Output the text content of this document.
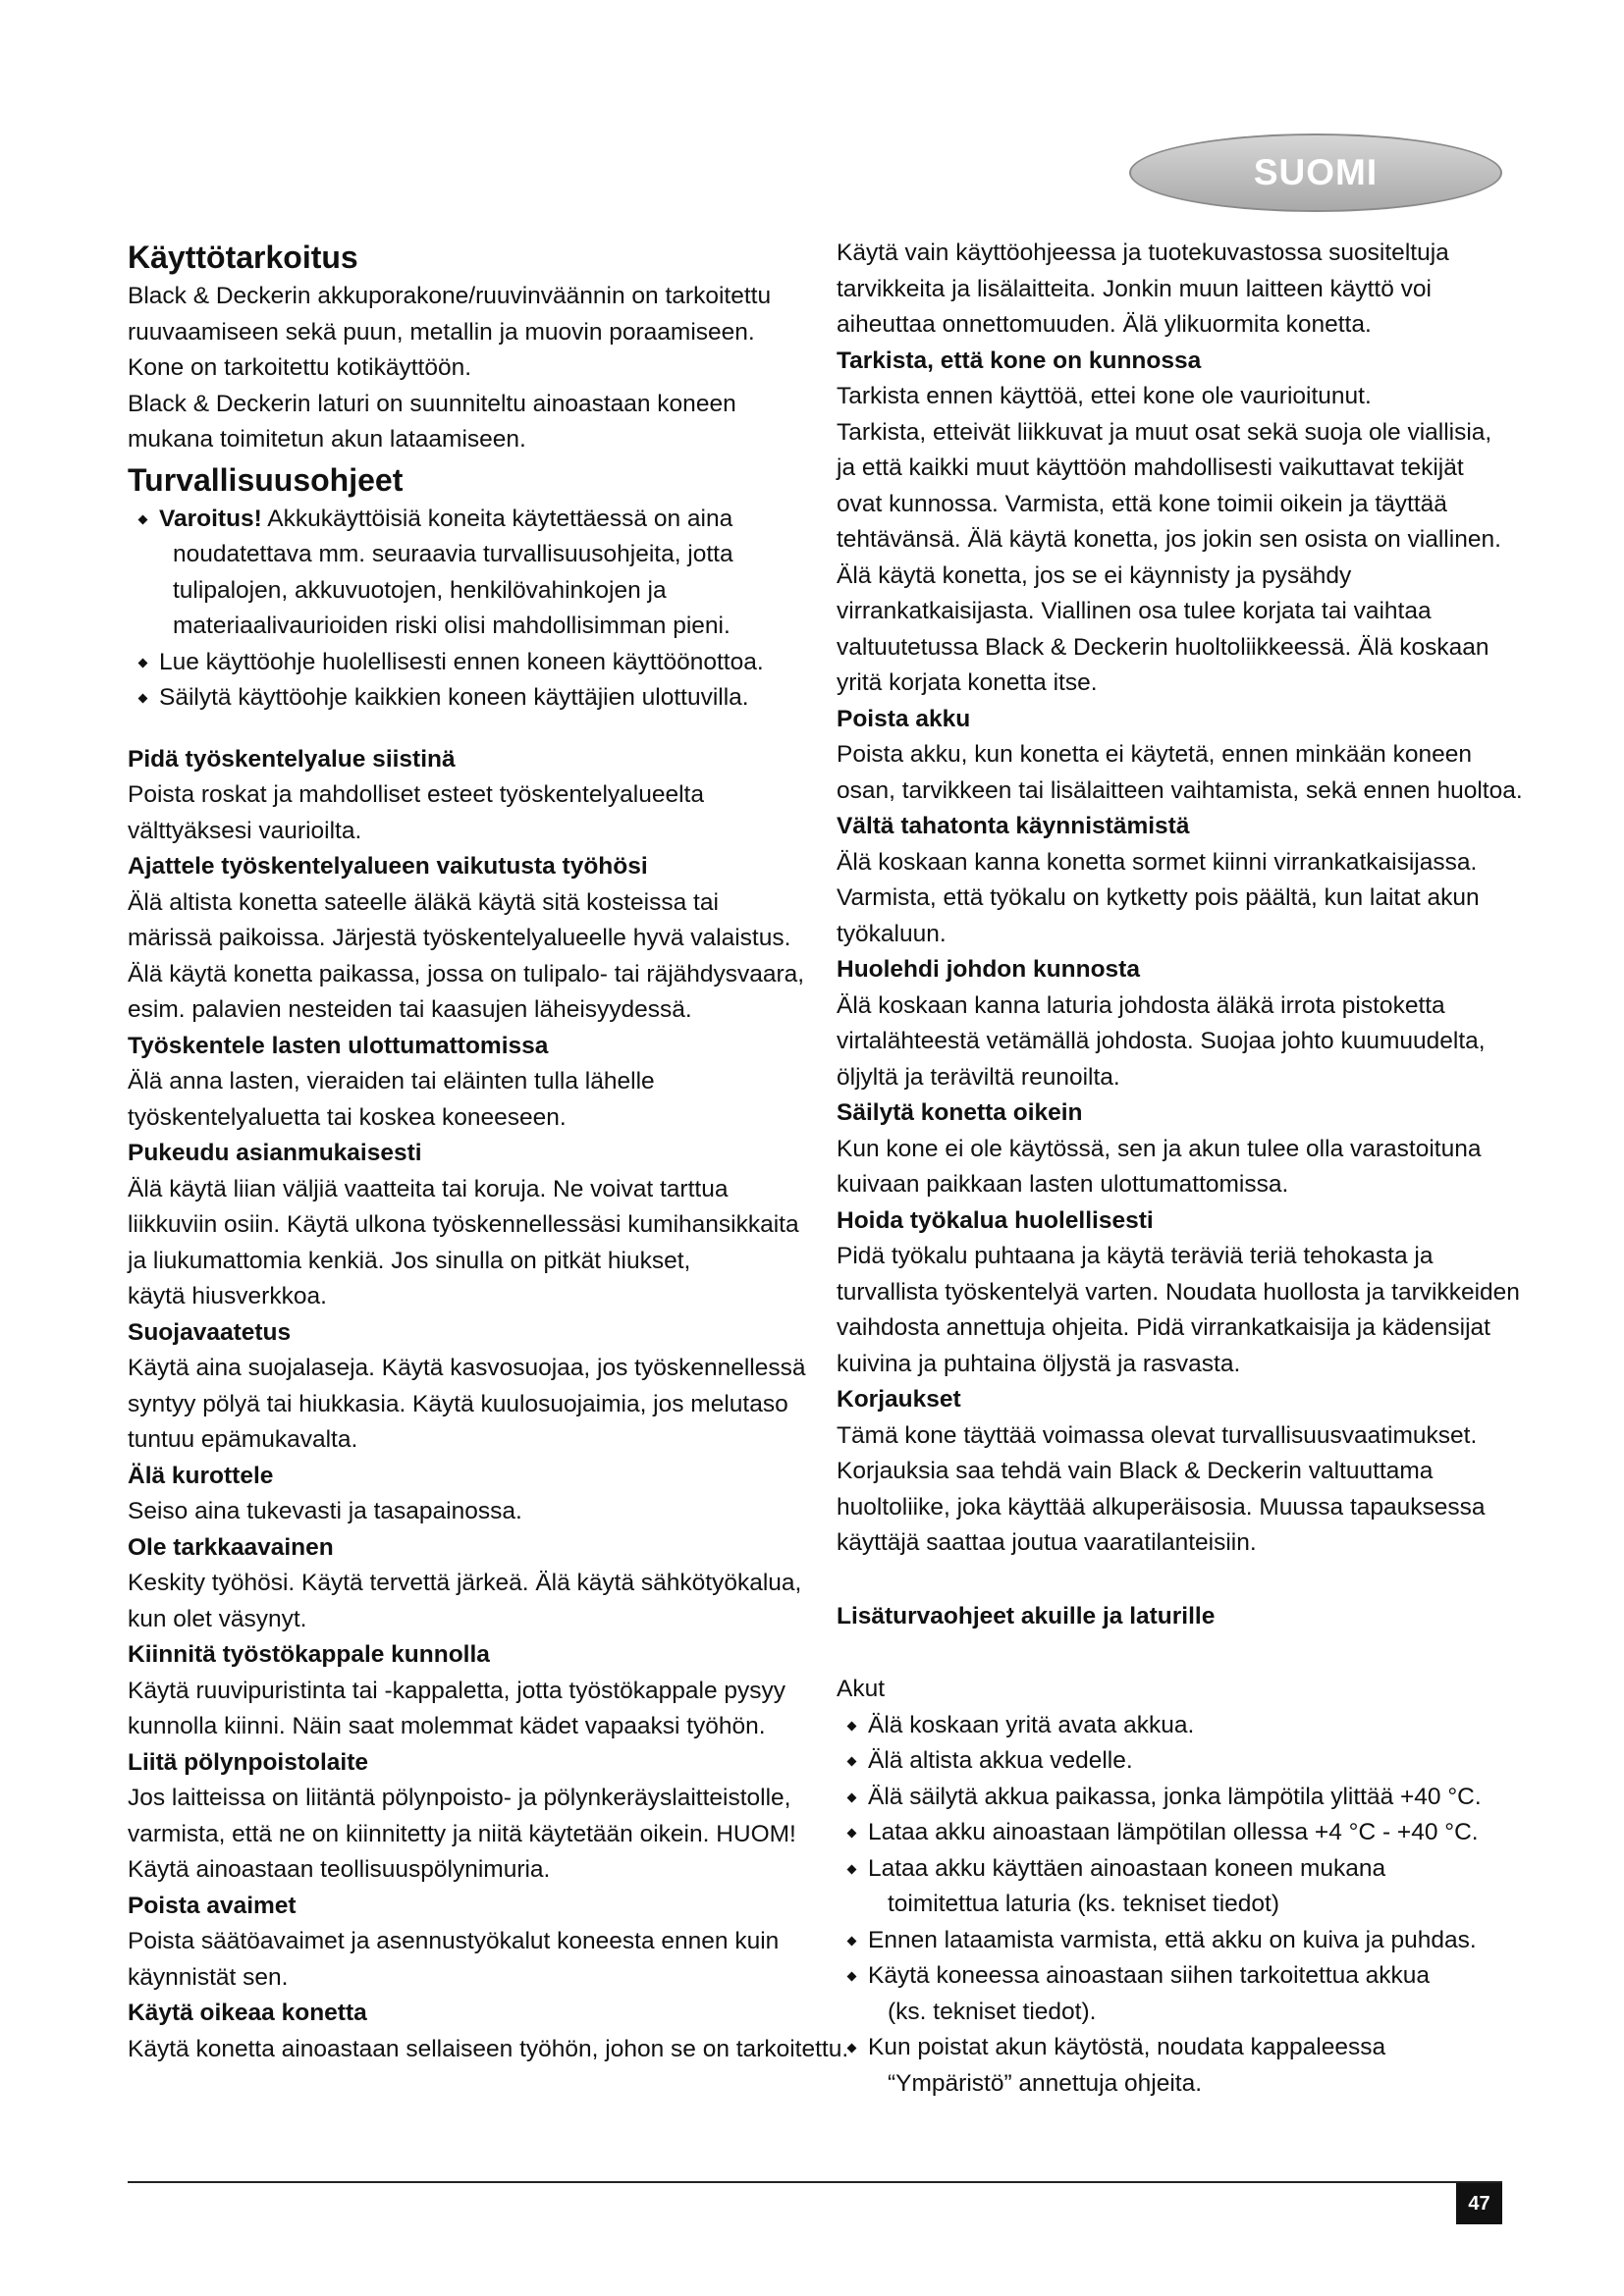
SUOMI
Käyttötarkoitus
Black & Deckerin akkuporakone/ruuvinväännin on tarkoitettu
ruuvaamiseen sekä puun, metallin ja muovin poraamiseen.
Kone on tarkoitettu kotikäyttöön.
Black & Deckerin laturi on suunniteltu ainoastaan koneen
mukana toimitetun akun lataamiseen.
Turvallisuusohjeet
Varoitus! Akkukäyttöisiä koneita käytettäessä on aina
noudatettava mm. seuraavia turvallisuusohjeita, jotta
tulipalojen, akkuvuotojen, henkilövahinkojen ja
materiaalivaurioiden riski olisi mahdollisimman pieni.
Lue käyttöohje huolellisesti ennen koneen käyttöönottoa.
Säilytä käyttöohje kaikkien koneen käyttäjien ulottuvilla.
Pidä työskentelyalue siistinä
Poista roskat ja mahdolliset esteet työskentelyalueelta
välttyäksesi vaurioilta.
Ajattele työskentelyalueen vaikutusta työhösi
Älä altista konetta sateelle äläkä käytä sitä kosteissa tai
märissä paikoissa. Järjestä työskentelyalueelle hyvä valaistus.
Älä käytä konetta paikassa, jossa on tulipalo- tai räjähdysvaara,
esim. palavien nesteiden tai kaasujen läheisyydessä.
Työskentele lasten ulottumattomissa
Älä anna lasten, vieraiden tai eläinten tulla lähelle
työskentelyaluetta tai koskea koneeseen.
Pukeudu asianmukaisesti
Älä käytä liian väljiä vaatteita tai koruja. Ne voivat tarttua
liikkuviin osiin. Käytä ulkona työskennellessäsi kumihansikkaita
ja liukumattomia kenkiä. Jos sinulla on pitkät hiukset,
käytä hiusverkkoa.
Suojavaatetus
Käytä aina suojalaseja. Käytä kasvosuojaa, jos työskennellessä
syntyy pölyä tai hiukkasia. Käytä kuulosuojaimia, jos melutaso
tuntuu epämukavalta.
Älä kurottele
Seiso aina tukevasti ja tasapainossa.
Ole tarkkaavainen
Keskity työhösi. Käytä tervettä järkeä. Älä käytä sähkötyökalua,
kun olet väsynyt.
Kiinnitä työstökappale kunnolla
Käytä ruuvipuristinta tai -kappaletta, jotta työstökappale pysyy
kunnolla kiinni. Näin saat molemmat kädet vapaaksi työhön.
Liitä pölynpoistolaite
Jos laitteissa on liitäntä pölynpoisto- ja pölynkeräyslaitteistolle,
varmista, että ne on kiinnitetty ja niitä käytetään oikein. HUOM!
Käytä ainoastaan teollisuuspölynimuria.
Poista avaimet
Poista säätöavaimet ja asennustyökalut koneesta ennen kuin
käynnistät sen.
Käytä oikeaa konetta
Käytä konetta ainoastaan sellaiseen työhön, johon se on tarkoitettu.
Käytä vain käyttöohjeessa ja tuotekuvastossa suositeltuja
tarvikkeita ja lisälaitteita. Jonkin muun laitteen käyttö voi
aiheuttaa onnettomuuden. Älä ylikuormita konetta.
Tarkista, että kone on kunnossa
Tarkista ennen käyttöä, ettei kone ole vaurioitunut.
Tarkista, etteivät liikkuvat ja muut osat sekä suoja ole viallisia,
ja että kaikki muut käyttöön mahdollisesti vaikuttavat tekijät
ovat kunnossa. Varmista, että kone toimii oikein ja täyttää
tehtävänsä. Älä käytä konetta, jos jokin sen osista on viallinen.
Älä käytä konetta, jos se ei käynnisty ja pysähdy
virrankatkaisijasta. Viallinen osa tulee korjata tai vaihtaa
valtuutetussa Black & Deckerin huoltoliikkeessä. Älä koskaan
yritä korjata konetta itse.
Poista akku
Poista akku, kun konetta ei käytetä, ennen minkään koneen
osan, tarvikkeen tai lisälaitteen vaihtamista, sekä ennen huoltoa.
Vältä tahatonta käynnistämistä
Älä koskaan kanna konetta sormet kiinni virrankatkaisijassa.
Varmista, että työkalu on kytketty pois päältä, kun laitat akun
työkaluun.
Huolehdi johdon kunnosta
Älä koskaan kanna laturia johdosta äläkä irrota pistoketta
virtalähteestä vetämällä johdosta. Suojaa johto kuumuudelta,
öljyltä ja teräviltä reunoilta.
Säilytä konetta oikein
Kun kone ei ole käytössä, sen ja akun tulee olla varastoituna
kuivaan paikkaan lasten ulottumattomissa.
Hoida työkalua huolellisesti
Pidä työkalu puhtaana ja käytä teräviä teriä tehokasta ja
turvallista työskentelyä varten. Noudata huollosta ja tarvikkeiden
vaihdosta annettuja ohjeita. Pidä virrankatkaisija ja kädensijat
kuivina ja puhtaina öljystä ja rasvasta.
Korjaukset
Tämä kone täyttää voimassa olevat turvallisuusvaatimukset.
Korjauksia saa tehdä vain Black & Deckerin valtuuttama
huoltoliike, joka käyttää alkuperäisosia. Muussa tapauksessa
käyttäjä saattaa joutua vaaratilanteisiin.
Lisäturvaohjeet akuille ja laturille
Akut
Älä koskaan yritä avata akkua.
Älä altista akkua vedelle.
Älä säilytä akkua paikassa, jonka lämpötila ylittää +40 °C.
Lataa akku ainoastaan lämpötilan ollessa +4 °C - +40 °C.
Lataa akku käyttäen ainoastaan koneen mukana
toimitettua laturia (ks. tekniset tiedot)
Ennen lataamista varmista, että akku on kuiva ja puhdas.
Käytä koneessa ainoastaan siihen tarkoitettua akkua
(ks. tekniset tiedot).
Kun poistat akun käytöstä, noudata kappaleessa
“Ympäristö” annettuja ohjeita.
47
